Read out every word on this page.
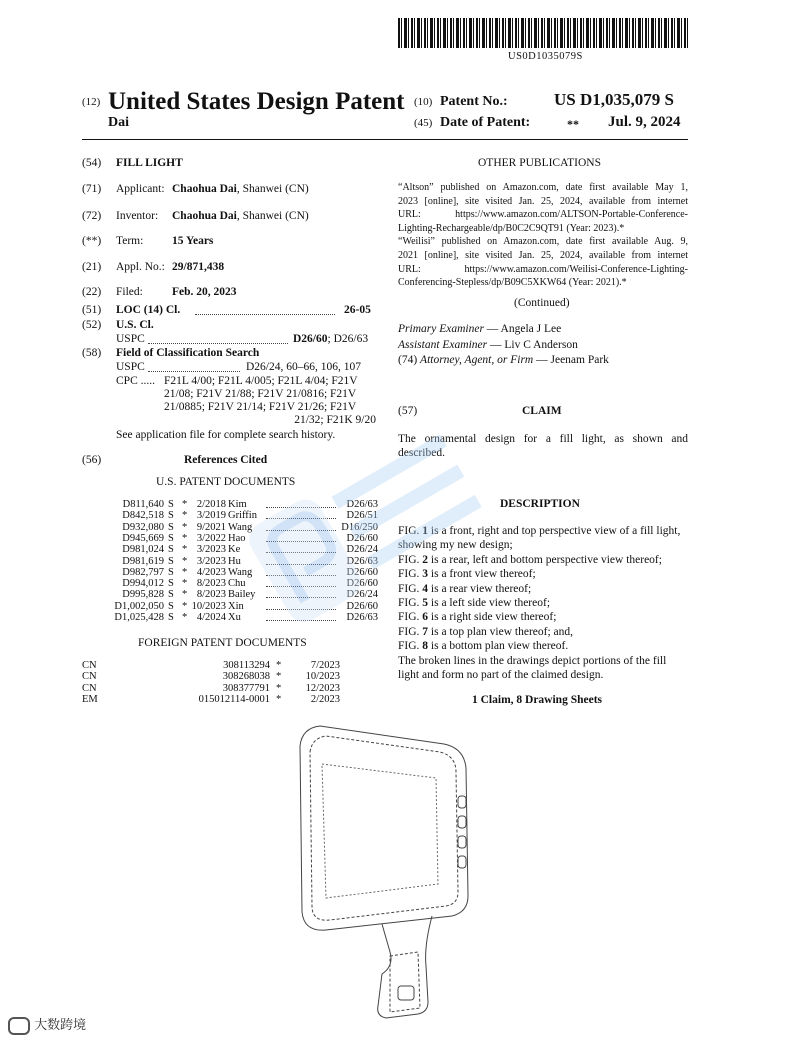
US0D1035079S
(12) United States Design Patent
Dai
(10) Patent No.:	US D1,035,079 S
(45) Date of Patent:	** Jul. 9, 2024
(54) FILL LIGHT
(71) Applicant: Chaohua Dai, Shanwei (CN)
(72) Inventor: Chaohua Dai, Shanwei (CN)
(**) Term: 15 Years
(21) Appl. No.: 29/871,438
(22) Filed:	Feb. 20, 2023
(51) LOC (14) Cl.	26-05
(52) U.S. Cl.
USPC	D26/60; D26/63
(58) Field of Classification Search
USPC	D26/24, 60–66, 106, 107
CPC ..... F21L 4/00; F21L 4/005; F21L 4/04; F21V
21/08; F21V 21/88; F21V 21/0816; F21V
21/0885; F21V 21/14; F21V 21/26; F21V
21/32; F21K 9/20
See application file for complete search history.
(56)	References Cited
U.S. PATENT DOCUMENTS
D811,640 S * 2/2018 Kim	D26/63
D842,518 S * 3/2019 Griffin	D26/51
D932,080 S * 9/2021 Wang	D16/250
D945,669 S * 3/2022 Hao	D26/60
D981,024 S * 3/2023 Ke	D26/24
D981,619 S * 3/2023 Hu	D26/63
D982,797 S * 4/2023 Wang	D26/60
D994,012 S * 8/2023 Chu	D26/60
D995,828 S * 8/2023 Bailey	D26/24
D1,002,050 S * 10/2023 Xin	D26/60
D1,025,428 S * 4/2024 Xu	D26/63
FOREIGN PATENT DOCUMENTS
CN	308113294 *	7/2023
CN	308268038 * 10/2023
CN	308377791 * 12/2023
EM	015012114-0001 *	2/2023
OTHER PUBLICATIONS
“Altson” published on Amazon.com, date first available May 1,
2023 [online], site visited Jan. 25, 2024, available from internet
URL: https://www.amazon.com/ALTSON-Portable-Conference-
Lighting-Rechargeable/dp/B0C2C9QT91 (Year: 2023).*
“Weilisi” published on Amazon.com, date first available Aug. 9,
2021 [online], site visited Jan. 25, 2024, available from internet
URL: https://www.amazon.com/Weilisi-Conference-Lighting-
Conferencing-Stepless/dp/B09C5XKW64 (Year: 2021).*
(Continued)
Primary Examiner — Angela J Lee
Assistant Examiner — Liv C Anderson
(74) Attorney, Agent, or Firm — Jeenam Park
(57)	CLAIM
The ornamental design for a fill light, as shown and
described.
DESCRIPTION
FIG. 1 is a front, right and top perspective view of a fill light,
showing my new design;
FIG. 2 is a rear, left and bottom perspective view thereof;
FIG. 3 is a front view thereof;
FIG. 4 is a rear view thereof;
FIG. 5 is a left side view thereof;
FIG. 6 is a right side view thereof;
FIG. 7 is a top plan view thereof; and,
FIG. 8 is a bottom plan view thereof.
The broken lines in the drawings depict portions of the fill
light and form no part of the claimed design.
1 Claim, 8 Drawing Sheets
大数跨境
